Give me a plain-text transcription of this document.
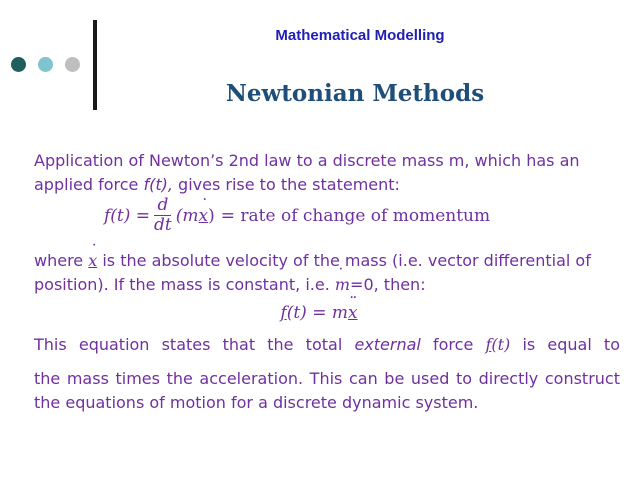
Mathematical Modelling
Newtonian Methods
Application of Newton’s 2nd law to a discrete mass m, which has an applied force f(t), gives rise to the statement:
$f(t) = \frac{d}{dt} (m$
˙ x ) = rate of change of momentum
where ˙ x is the absolute velocity of the mass (i.e. vector differential of position). If the mass is constant, i.e. ˙ m=0, then:
f(t) = m¨ x
This equation states that the total external force f(t) is equal to
the mass times the acceleration. This can be used to directly construct the equations of motion for a discrete dynamic system.
